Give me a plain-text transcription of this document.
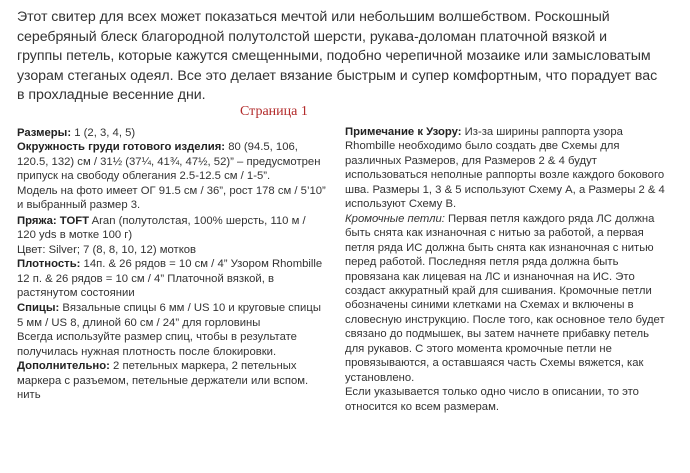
Этот свитер для всех может показаться мечтой или небольшим волшебством. Роскошный

серебряный блеск благородной полутолстой шерсти, рукава-доломан платочной вязкой и

группы петель, которые кажутся смещенными, подобно черепичной мозаике или замысловатым

узорам стеганых одеял. Все это делает вязание быстрым и супер комфортным, что порадует вас

в прохладные весенние дни.

Страница 1

Размеры: 1 (2, 3, 4, 5)

Окружность груди готового изделия: 80 (94.5, 106,

120.5, 132) см / 31½ (37¼, 41¾, 47½, 52)” – предусмотрен

припуск на свободу облегания 2.5-12.5 см / 1-5”.

Модель на фото имеет ОГ 91.5 см / 36”, рост 178 см / 5’10”

и выбранный размер 3.

Пряжа: TOFT Aran (полутолстая, 100% шерсть, 110 м /

120 yds в мотке 100 г)

Цвет: Silver; 7 (8, 8, 10, 12) мотков

Плотность: 14п. & 26 рядов = 10 см / 4” Узором Rhombille

12 п. & 26 рядов = 10 см / 4” Платочной вязкой, в

растянутом состоянии

Спицы: Вязальные спицы 6 мм / US 10 и круговые спицы

5 мм / US 8, длиной 60 см / 24” для горловины

Всегда используйте размер спиц, чтобы в результате

получилась нужная плотность после блокировки.

Дополнительно: 2 петельных маркера, 2 петельных

маркера с разъемом, петельные держатели или вспом.

нить

Примечание к Узору: Из-за ширины раппорта узора

Rhombille необходимо было создать две Схемы для

различных Размеров, для Размеров 2 & 4 будут

использоваться неполные раппорты возле каждого бокового

шва. Размеры 1, 3 & 5 используют Схему А, а Размеры 2 & 4

используют Схему В.

Кромочные петли: Первая петля каждого ряда ЛС должна

быть снята как изнаночная с нитью за работой, а первая

петля ряда ИС должна быть снята как изнаночная с нитью

перед работой. Последняя петля ряда должна быть

провязана как лицевая на ЛС и изнаночная на ИС. Это

создаст аккуратный край для сшивания. Кромочные петли

обозначены синими клетками на Схемах и включены в

словесную инструкцию. После того, как основное тело будет

связано до подмышек, вы затем начнете прибавку петель

для рукавов. С этого момента кромочные петли не

провязываются, а оставшаяся часть Схемы вяжется, как

установлено.

Если указывается только одно число в описании, то это

относится ко всем размерам.
